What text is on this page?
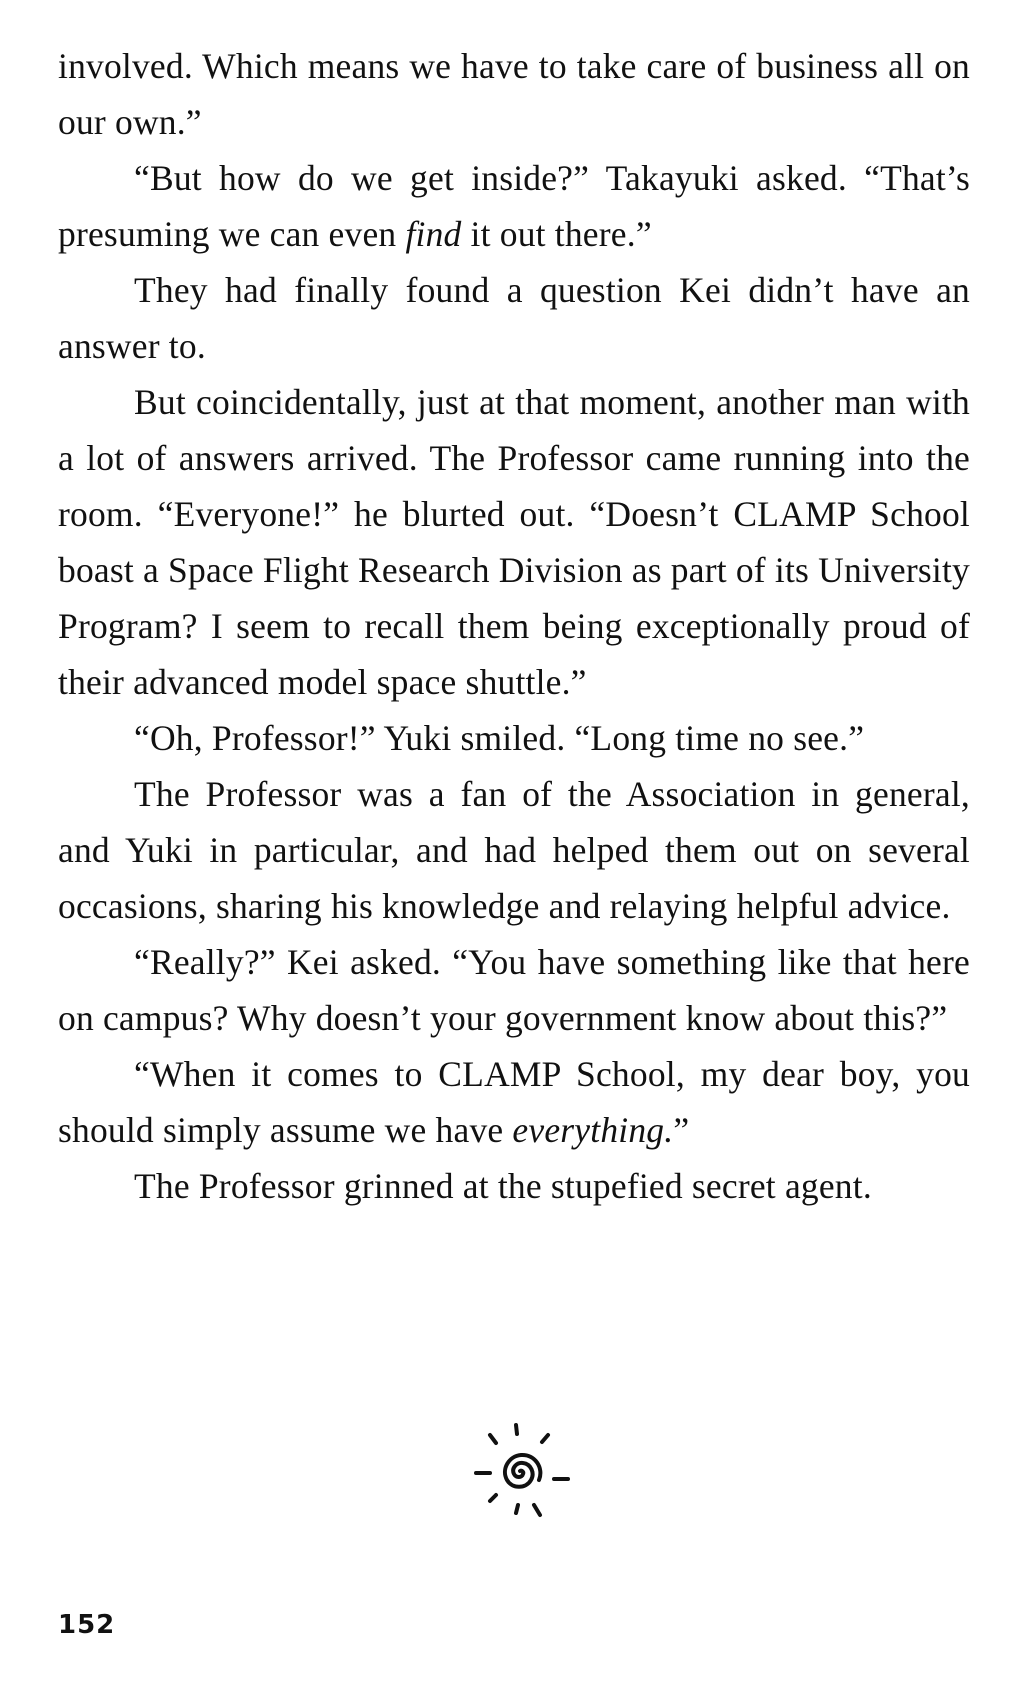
involved. Which means we have to take care of business all on our own.”

“But how do we get inside?” Takayuki asked. “That’s presuming we can even find it out there.”

They had finally found a question Kei didn’t have an answer to.

But coincidentally, just at that moment, another man with a lot of answers arrived. The Professor came running into the room. “Everyone!” he blurted out. “Doesn’t CLAMP School boast a Space Flight Research Division as part of its University Program? I seem to recall them being exceptionally proud of their advanced model space shuttle.”

“Oh, Professor!” Yuki smiled. “Long time no see.”

The Professor was a fan of the Association in general, and Yuki in particular, and had helped them out on several occasions, sharing his knowledge and relaying helpful advice.

“Really?” Kei asked. “You have something like that here on campus? Why doesn’t your government know about this?”

“When it comes to CLAMP School, my dear boy, you should simply assume we have everything.”

The Professor grinned at the stupefied secret agent.

152
